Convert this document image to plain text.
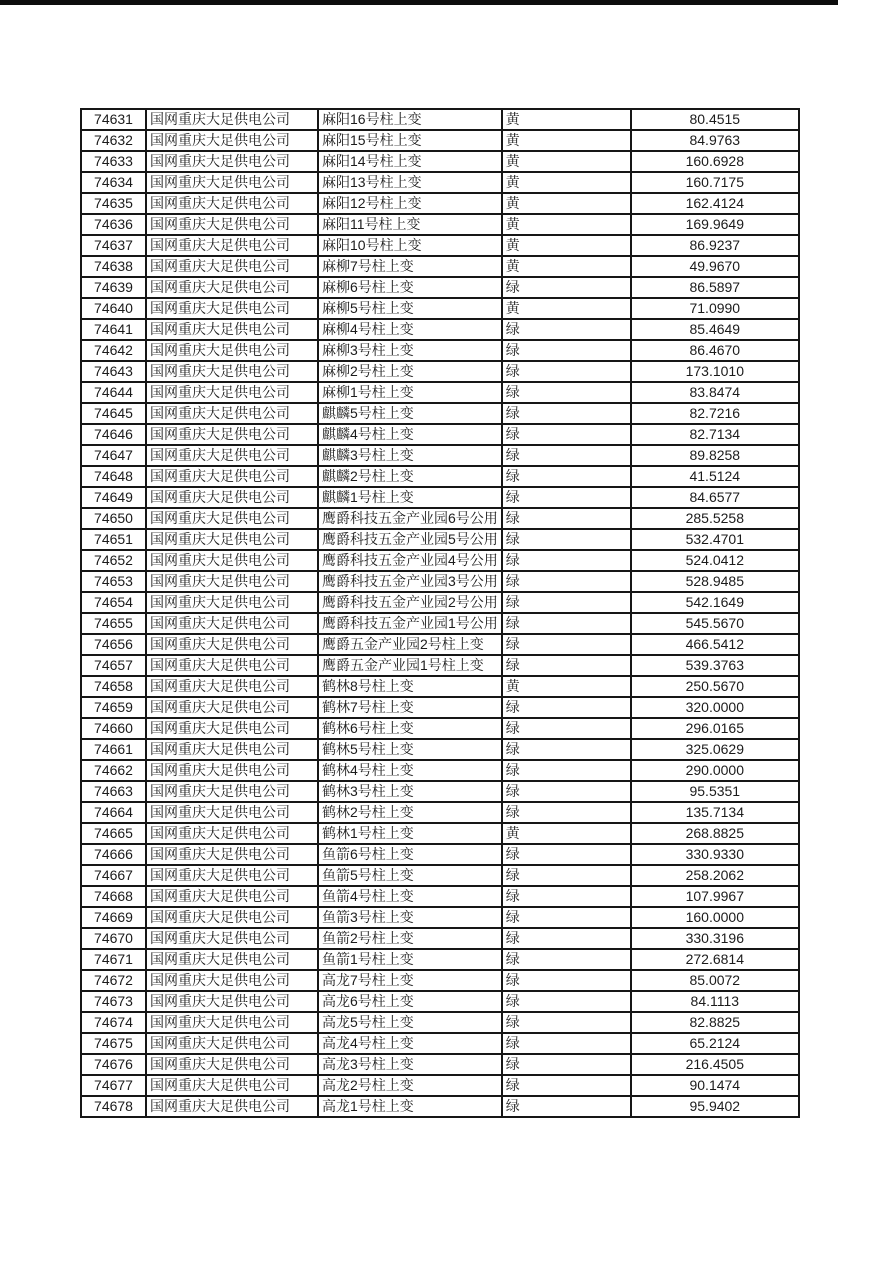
74631	国网重庆大足供电公司	麻阳16号柱上变	黄	80.4515
74632	国网重庆大足供电公司	麻阳15号柱上变	黄	84.9763
74633	国网重庆大足供电公司	麻阳14号柱上变	黄	160.6928
74634	国网重庆大足供电公司	麻阳13号柱上变	黄	160.7175
74635	国网重庆大足供电公司	麻阳12号柱上变	黄	162.4124
74636	国网重庆大足供电公司	麻阳11号柱上变	黄	169.9649
74637	国网重庆大足供电公司	麻阳10号柱上变	黄	86.9237
74638	国网重庆大足供电公司	麻柳7号柱上变	黄	49.9670
74639	国网重庆大足供电公司	麻柳6号柱上变	绿	86.5897
74640	国网重庆大足供电公司	麻柳5号柱上变	黄	71.0990
74641	国网重庆大足供电公司	麻柳4号柱上变	绿	85.4649
74642	国网重庆大足供电公司	麻柳3号柱上变	绿	86.4670
74643	国网重庆大足供电公司	麻柳2号柱上变	绿	173.1010
74644	国网重庆大足供电公司	麻柳1号柱上变	绿	83.8474
74645	国网重庆大足供电公司	麒麟5号柱上变	绿	82.7216
74646	国网重庆大足供电公司	麒麟4号柱上变	绿	82.7134
74647	国网重庆大足供电公司	麒麟3号柱上变	绿	89.8258
74648	国网重庆大足供电公司	麒麟2号柱上变	绿	41.5124
74649	国网重庆大足供电公司	麒麟1号柱上变	绿	84.6577
74650	国网重庆大足供电公司	鹰爵科技五金产业园6号公用	绿	285.5258
74651	国网重庆大足供电公司	鹰爵科技五金产业园5号公用	绿	532.4701
74652	国网重庆大足供电公司	鹰爵科技五金产业园4号公用	绿	524.0412
74653	国网重庆大足供电公司	鹰爵科技五金产业园3号公用	绿	528.9485
74654	国网重庆大足供电公司	鹰爵科技五金产业园2号公用	绿	542.1649
74655	国网重庆大足供电公司	鹰爵科技五金产业园1号公用	绿	545.5670
74656	国网重庆大足供电公司	鹰爵五金产业园2号柱上变	绿	466.5412
74657	国网重庆大足供电公司	鹰爵五金产业园1号柱上变	绿	539.3763
74658	国网重庆大足供电公司	鹤林8号柱上变	黄	250.5670
74659	国网重庆大足供电公司	鹤林7号柱上变	绿	320.0000
74660	国网重庆大足供电公司	鹤林6号柱上变	绿	296.0165
74661	国网重庆大足供电公司	鹤林5号柱上变	绿	325.0629
74662	国网重庆大足供电公司	鹤林4号柱上变	绿	290.0000
74663	国网重庆大足供电公司	鹤林3号柱上变	绿	95.5351
74664	国网重庆大足供电公司	鹤林2号柱上变	绿	135.7134
74665	国网重庆大足供电公司	鹤林1号柱上变	黄	268.8825
74666	国网重庆大足供电公司	鱼箭6号柱上变	绿	330.9330
74667	国网重庆大足供电公司	鱼箭5号柱上变	绿	258.2062
74668	国网重庆大足供电公司	鱼箭4号柱上变	绿	107.9967
74669	国网重庆大足供电公司	鱼箭3号柱上变	绿	160.0000
74670	国网重庆大足供电公司	鱼箭2号柱上变	绿	330.3196
74671	国网重庆大足供电公司	鱼箭1号柱上变	绿	272.6814
74672	国网重庆大足供电公司	高龙7号柱上变	绿	85.0072
74673	国网重庆大足供电公司	高龙6号柱上变	绿	84.1113
74674	国网重庆大足供电公司	高龙5号柱上变	绿	82.8825
74675	国网重庆大足供电公司	高龙4号柱上变	绿	65.2124
74676	国网重庆大足供电公司	高龙3号柱上变	绿	216.4505
74677	国网重庆大足供电公司	高龙2号柱上变	绿	90.1474
74678	国网重庆大足供电公司	高龙1号柱上变	绿	95.9402
